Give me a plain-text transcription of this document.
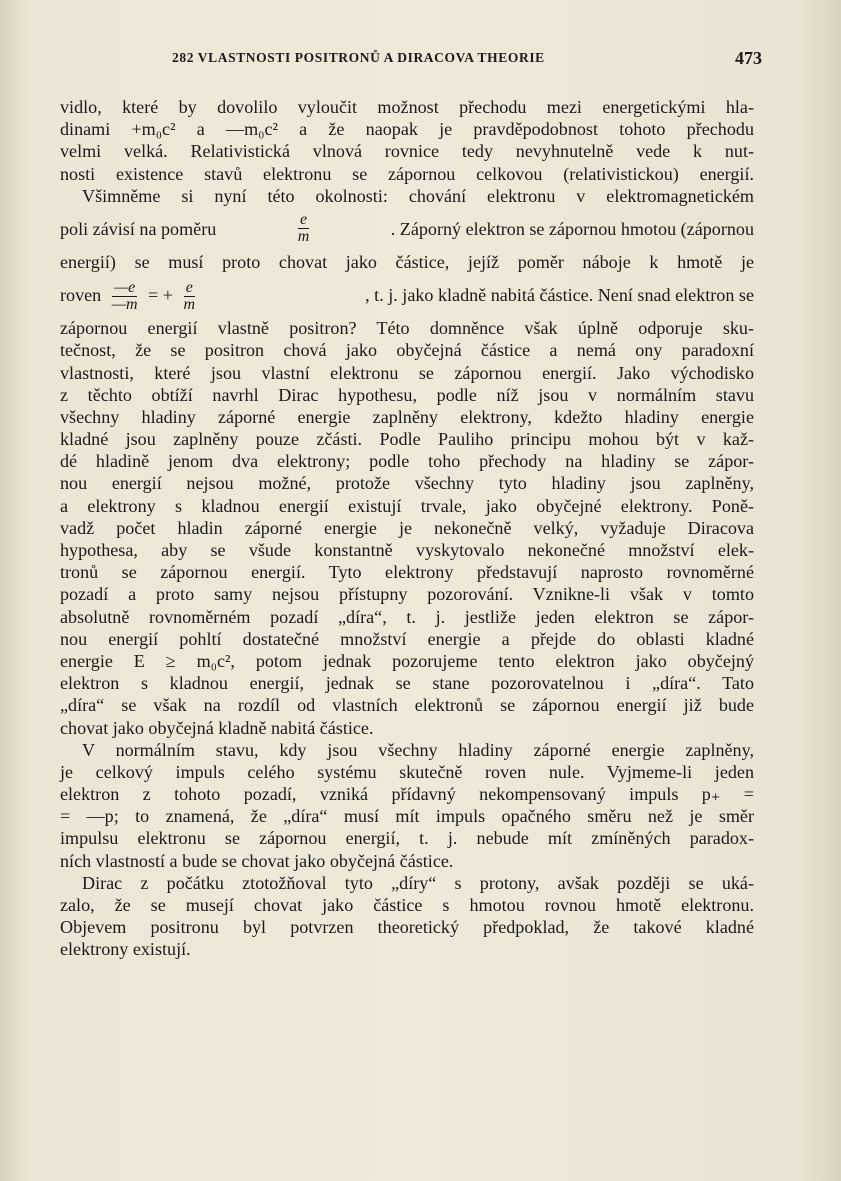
282 VLASTNOSTI POSITRONŮ A DIRACOVA THEORIE	473
vidlo, které by dovolilo vyloučit možnost přechodu mezi energetickými hla-
dinami +m₀c² a —m₀c² a že naopak je pravděpodobnost tohoto přechodu
velmi velká. Relativistická vlnová rovnice tedy nevyhnutelně vede k nut-
nosti existence stavů elektronu se zápornou celkovou (relativistickou) energií.
Všimněme si nyní této okolnosti: chování elektronu v elektromagnetickém
poli závisí na poměru	$\frac{e}{m}$	. Záporný elektron se zápornou hmotou (zápornou
energií) se musí proto chovat jako částice, jejíž poměr náboje k hmotě je
roven $\frac{—e}{—m}$ = + $\frac{e}{m}$	, t. j. jako kladně nabitá částice. Není snad elektron se
zápornou energií vlastně positron? Této domněnce však úplně odporuje sku-
tečnost, že se positron chová jako obyčejná částice a nemá ony paradoxní
vlastnosti, které jsou vlastní elektronu se zápornou energií. Jako východisko
z těchto obtíží navrhl Dirac hypothesu, podle níž jsou v normálním stavu
všechny hladiny záporné energie zaplněny elektrony, kdežto hladiny energie
kladné jsou zaplněny pouze zčásti. Podle Pauliho principu mohou být v kaž-
dé hladině jenom dva elektrony; podle toho přechody na hladiny se zápor-
nou energií nejsou možné, protože všechny tyto hladiny jsou zaplněny,
a elektrony s kladnou energií existují trvale, jako obyčejné elektrony. Poně-
vadž počet hladin záporné energie je nekonečně velký, vyžaduje Diracova
hypothesa, aby se všude konstantně vyskytovalo nekonečné množství elek-
tronů se zápornou energií. Tyto elektrony představují naprosto rovnoměrné
pozadí a proto samy nejsou přístupny pozorování. Vznikne-li však v tomto
absolutně rovnoměrném pozadí „díra“, t. j. jestliže jeden elektron se zápor-
nou energií pohltí dostatečné množství energie a přejde do oblasti kladné
energie E ≥ m₀c², potom jednak pozorujeme tento elektron jako obyčejný
elektron s kladnou energií, jednak se stane pozorovatelnou i „díra“. Tato
„díra“ se však na rozdíl od vlastních elektronů se zápornou energií již bude
chovat jako obyčejná kladně nabitá částice.
V normálním stavu, kdy jsou všechny hladiny záporné energie zaplněny,
je celkový impuls celého systému skutečně roven nule. Vyjmeme-li jeden
elektron z tohoto pozadí, vzniká přídavný nekompensovaný impuls p₊ =
= —p; to znamená, že „díra“ musí mít impuls opačného směru než je směr
impulsu elektronu se zápornou energií, t. j. nebude mít zmíněných paradox-
ních vlastností a bude se chovat jako obyčejná částice.
Dirac z počátku ztotožňoval tyto „díry“ s protony, avšak později se uká-
zalo, že se musejí chovat jako částice s hmotou rovnou hmotě elektronu.
Objevem positronu byl potvrzen theoretický předpoklad, že takové kladné
elektrony existují.
